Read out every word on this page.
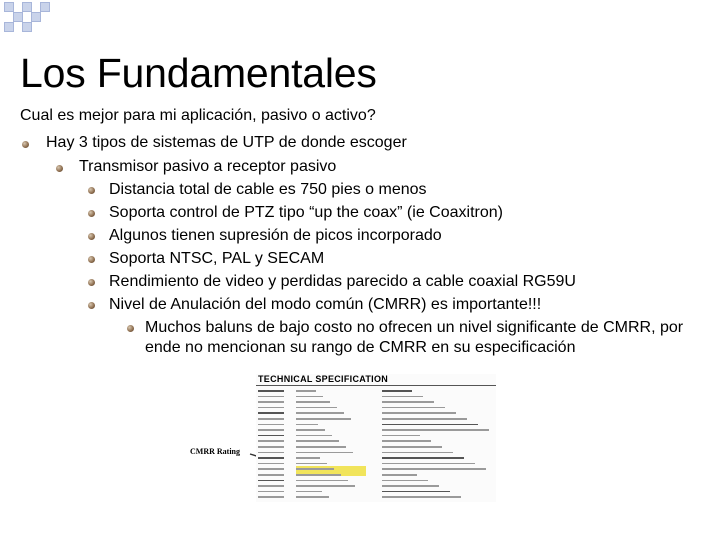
Los Fundamentales
Cual es mejor para mi aplicación, pasivo o activo?
Hay 3 tipos de sistemas de UTP de donde escoger
Transmisor pasivo a receptor pasivo
Distancia total de cable es 750 pies o menos
Soporta control de PTZ tipo “up the coax” (ie Coaxitron)
Algunos tienen supresión de picos incorporado
Soporta NTSC, PAL y SECAM
Rendimiento de video y perdidas parecido a cable coaxial RG59U
Nivel de Anulación del modo común (CMRR) es importante!!!
Muchos baluns de bajo costo no ofrecen un nivel significante de CMRR, por
ende no mencionan su rango de CMRR en su especificación
CMRR Rating
TECHNICAL SPECIFICATION
